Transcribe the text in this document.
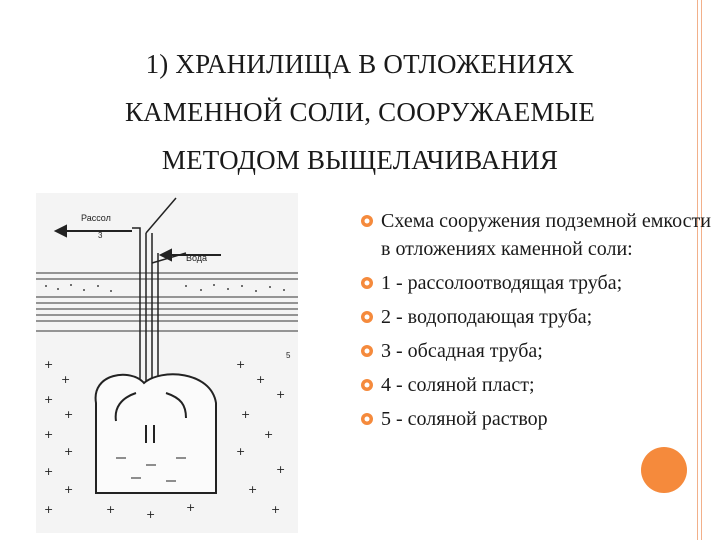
1) ХРАНИЛИЩА В ОТЛОЖЕНИЯХ
КАМЕННОЙ СОЛИ, СООРУЖАЕМЫЕ
МЕТОДОМ ВЫЩЕЛАЧИВАНИЯ
Рассол
Вода
3
+
+
+
+
+
+
+
+
+
+
+
+
+
+
+
+
+
+
+	+
+
5
Схема сооружения подземной емкости в отложениях каменной соли:
1 - рассолоотводящая труба;
2 - водоподающая труба;
3 - обсадная труба;
4 - соляной пласт;
5 - соляной раствор
